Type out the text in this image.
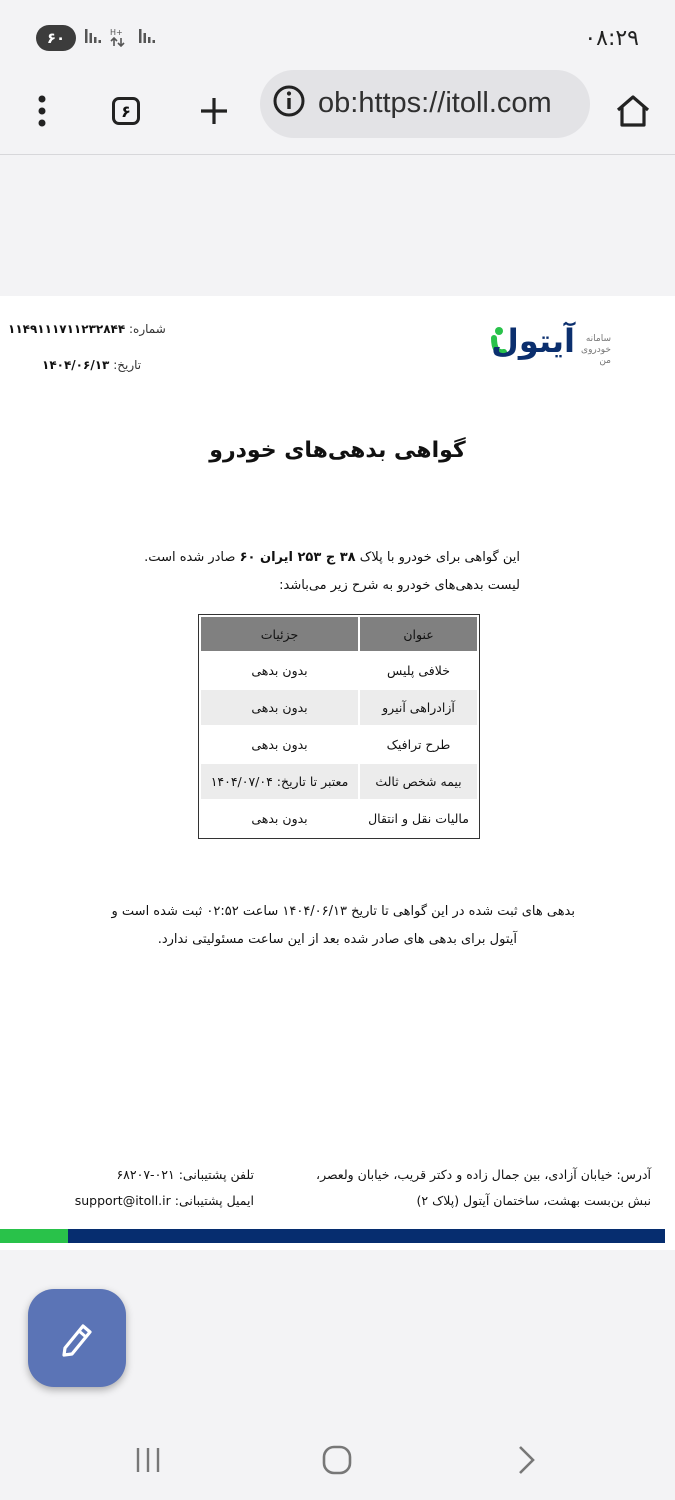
۶۰	H+	۰۸:۲۹
۶	ob:https://itoll.com
آیتول	سامانه خودروی من
شماره: ۱۱۴۹۱۱۱۷۱۱۲۳۲۸۴۴
تاریخ: ۱۴۰۴/۰۶/۱۳
گواهی بدهی‌های خودرو
این گواهی برای خودرو با پلاک ۳۸ ج ۲۵۳ ایران ۶۰ صادر شده است.
لیست بدهی‌های خودرو به شرح زیر می‌باشد:
عنوان	جزئیات
خلافی پلیس	بدون بدهی
آزادراهی آنیرو	بدون بدهی
طرح ترافیک	بدون بدهی
بیمه شخص ثالث	معتبر تا تاریخ: ۱۴۰۴/۰۷/۰۴
مالیات نقل و انتقال	بدون بدهی
بدهی های ثبت شده در این گواهی تا تاریخ ۱۴۰۴/۰۶/۱۳ ساعت ۰۲:۵۲ ثبت شده است و
آیتول برای بدهی های صادر شده بعد از این ساعت مسئولیتی ندارد.
آدرس: خیابان آزادی، بین جمال زاده و دکتر قریب، خیابان ولعصر،
نبش بن‌بست بهشت، ساختمان آیتول (پلاک ۲)
تلفن پشتیبانی: ۰۲۱-۶۸۲۰۷
ایمیل پشتیبانی: support@itoll.ir
